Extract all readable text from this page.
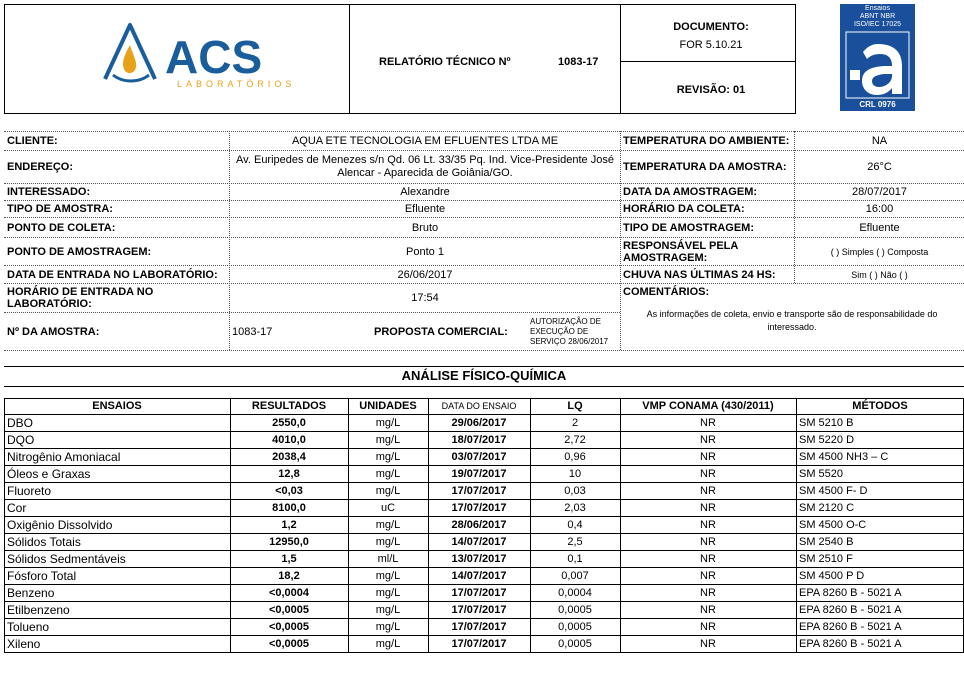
ACS
LABORATÓRIOS
RELATÓRIO TÉCNICO Nº	1083-17
DOCUMENTO:
FOR 5.10.21
REVISÃO: 01
Ensaios
ABNT NBR
ISO/IEC 17025
CRL 0976
CLIENTE:	AQUA ETE TECNOLOGIA EM EFLUENTES LTDA ME
ENDEREÇO:
Av. Euripedes de Menezes s/n Qd. 06 Lt. 33/35 Pq. Ind. Vice-Presidente José
Alencar - Aparecida de Goiânia/GO.
INTERESSADO:	Alexandre
TIPO DE AMOSTRA:	Efluente
PONTO DE COLETA:	Bruto
PONTO DE AMOSTRAGEM:	Ponto 1
DATA DE ENTRADA NO LABORATÓRIO:	26/06/2017
HORÁRIO DE ENTRADA NO
LABORATÓRIO:	17:54
Nº DA AMOSTRA:	1083-17	PROPOSTA COMERCIAL:
AUTORIZAÇÃO DE
EXECUÇÃO DE
SERVIÇO 28/06/2017
TEMPERATURA DO AMBIENTE:	NA
TEMPERATURA DA AMOSTRA:	26°C
DATA DA AMOSTRAGEM:	28/07/2017
HORÁRIO DA COLETA:	16:00
TIPO DE AMOSTRAGEM:	Efluente
RESPONSÁVEL PELA
AMOSTRAGEM:	( ) Simples ( ) Composta
CHUVA NAS ÚLTIMAS 24 HS:	Sim ( ) Não ( )
COMENTÁRIOS:
As informações de coleta, envio e transporte são de responsabilidade do
interessado.
ANÁLISE FÍSICO-QUÍMICA
ENSAIOS	RESULTADOS	UNIDADES	DATA DO ENSAIO	LQ	VMP CONAMA (430/2011)	MÉTODOS
DBO	2550,0	mg/L	29/06/2017	2	NR	SM 5210 B
DQO	4010,0	mg/L	18/07/2017	2,72	NR	SM 5220 D
Nitrogênio Amoniacal	2038,4	mg/L	03/07/2017	0,96	NR	SM 4500 NH3 – C
Óleos e Graxas	12,8	mg/L	19/07/2017	10	NR	SM 5520
Fluoreto	<0,03	mg/L	17/07/2017	0,03	NR	SM 4500 F- D
Cor	8100,0	uC	17/07/2017	2,03	NR	SM 2120 C
Oxigênio Dissolvido	1,2	mg/L	28/06/2017	0,4	NR	SM 4500 O-C
Sólidos Totais	12950,0	mg/L	14/07/2017	2,5	NR	SM 2540 B
Sólidos Sedmentáveis	1,5	ml/L	13/07/2017	0,1	NR	SM 2510 F
Fósforo Total	18,2	mg/L	14/07/2017	0,007	NR	SM 4500 P D
Benzeno	<0,0004	mg/L	17/07/2017	0,0004	NR	EPA 8260 B - 5021 A
Etilbenzeno	<0,0005	mg/L	17/07/2017	0,0005	NR	EPA 8260 B - 5021 A
Tolueno	<0,0005	mg/L	17/07/2017	0,0005	NR	EPA 8260 B - 5021 A
Xileno	<0,0005	mg/L	17/07/2017	0,0005	NR	EPA 8260 B - 5021 A
